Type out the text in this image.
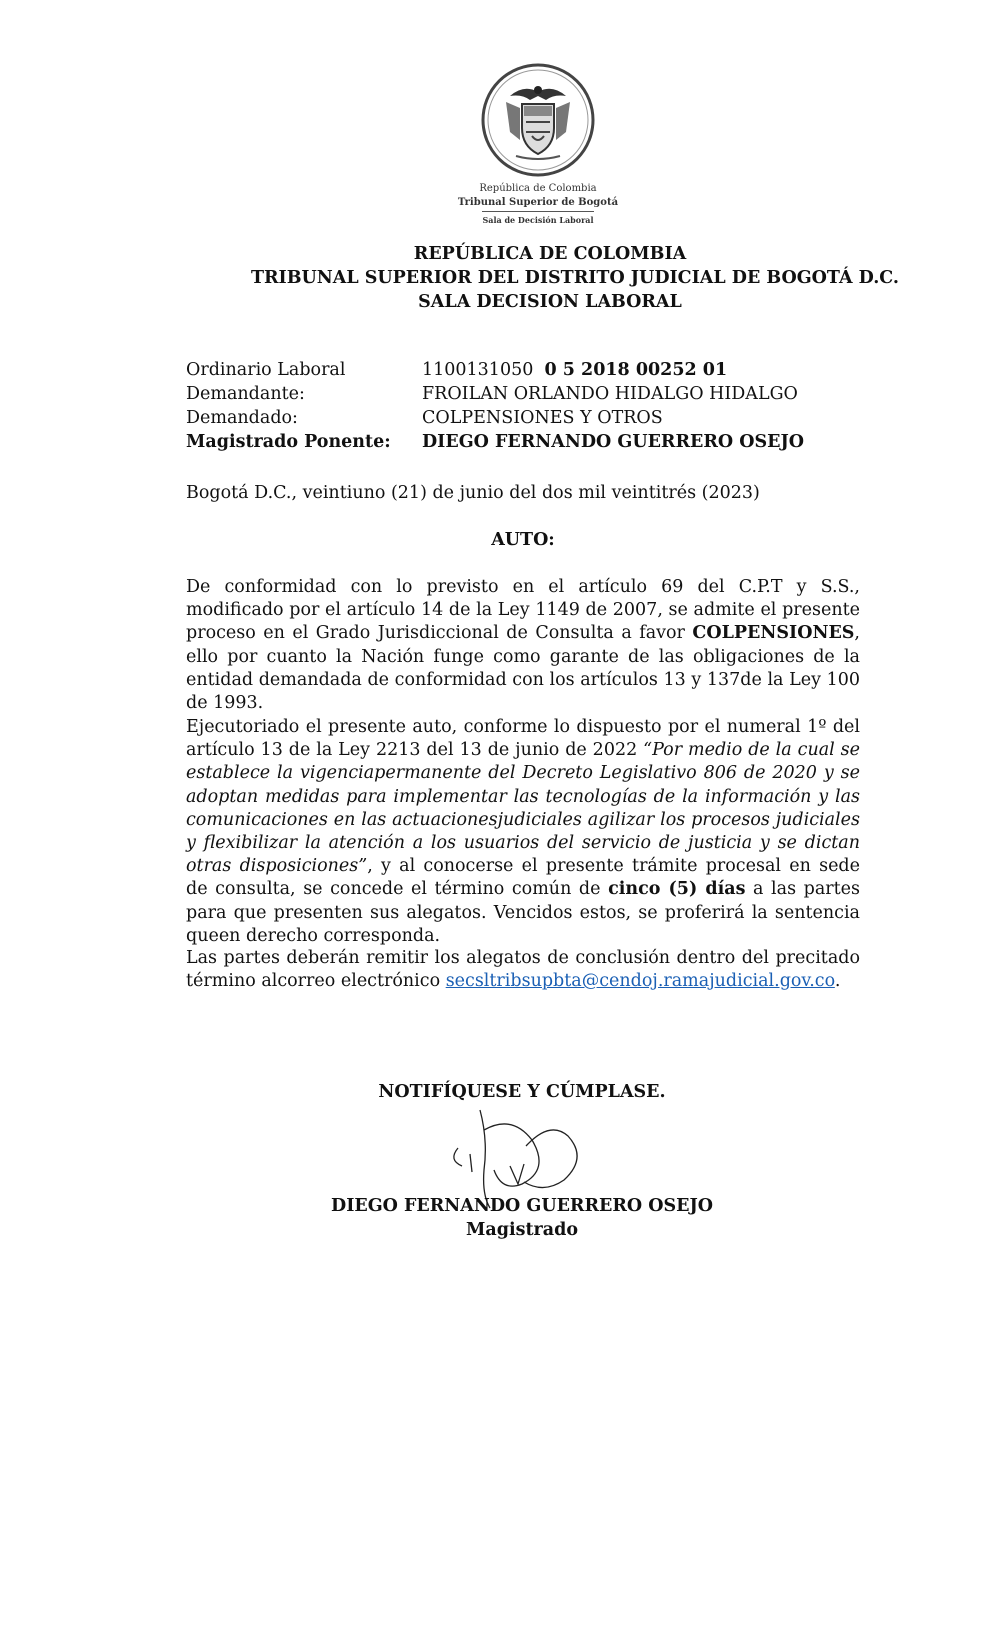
República de Colombia
Tribunal Superior de Bogotá
Sala de Decisión Laboral
REPÚBLICA DE COLOMBIA
TRIBUNAL SUPERIOR DEL DISTRITO JUDICIAL DE BOGOTÁ D.C.
SALA DECISION LABORAL
Ordinario Laboral	1100131050 0 5 2018 00252 01
Demandante:	FROILAN ORLANDO HIDALGO HIDALGO
Demandado:	COLPENSIONES Y OTROS
Magistrado Ponente: DIEGO FERNANDO GUERRERO OSEJO
Bogotá D.C., veintiuno (21) de junio del dos mil veintitrés (2023)
AUTO:
De conformidad con lo previsto en el artículo 69 del C.P.T y S.S., modificado por el artículo 14 de la Ley 1149 de 2007, se admite el presente proceso en el Grado Jurisdiccional de Consulta a favor COLPENSIONES, ello por cuanto la Nación funge como garante de las obligaciones de la entidad demandada de conformidad con los artículos 13 y 137de la Ley 100 de 1993.
Ejecutoriado el presente auto, conforme lo dispuesto por el numeral 1º del artículo 13 de la Ley 2213 del 13 de junio de 2022 “Por medio de la cual se establece la vigenciapermanente del Decreto Legislativo 806 de 2020 y se adoptan medidas para implementar las tecnologías de la información y las comunicaciones en las actuacionesjudiciales agilizar los procesos judiciales y flexibilizar la atención a los usuarios del servicio de justicia y se dictan otras disposiciones”, y al conocerse el presente trámite procesal en sede de consulta, se concede el término común de cinco (5) días a las partes para que presenten sus alegatos. Vencidos estos, se proferirá la sentencia queen derecho corresponda.
Las partes deberán remitir los alegatos de conclusión dentro del precitado término alcorreo electrónico secsltribsupbta@cendoj.ramajudicial.gov.co.
NOTIFÍQUESE Y CÚMPLASE.
DIEGO FERNANDO GUERRERO OSEJO
Magistrado
